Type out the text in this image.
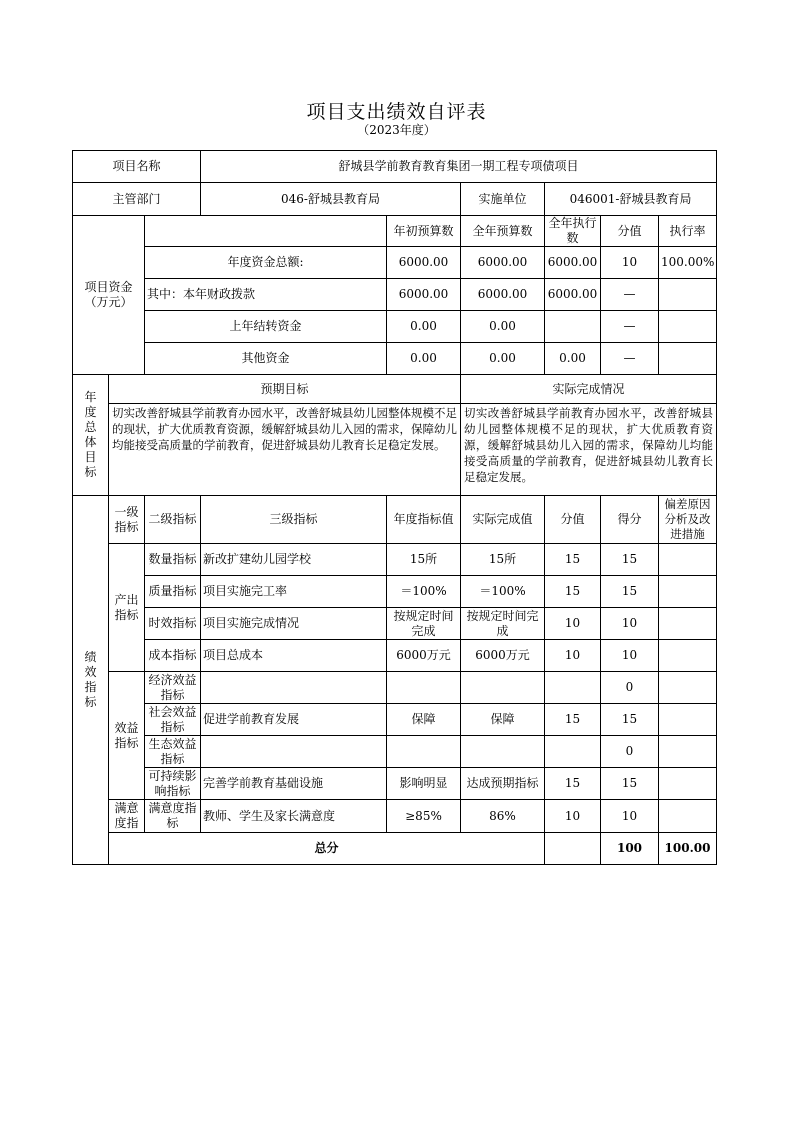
项目支出绩效自评表
（2023年度）
项目名称			舒城县学前教育教育集团一期工程专项债项目						
主管部门			046-舒城县教育局		实施单位	046001-舒城县教育局			
项目资金
（万元）				年初预算数	全年预算数	全年执行数	分值	执行率	
		年度资金总额:		6000.00	6000.00	6000.00	10	100.00%	
		其中：本年财政拨款		6000.00	6000.00	6000.00	—		
		上年结转资金		0.00	0.00		—		
		其他资金		0.00	0.00	0.00	—		
年度总体目标	预期目标				实际完成情况				
	切实改善舒城县学前教育办园水平，改善舒城县幼儿园整体规模不足的现状，扩大优质教育资源，缓解舒城县幼儿入园的需求，保障幼儿均能接受高质量的学前教育，促进舒城县幼儿教育长足稳定发展。				切实改善舒城县学前教育办园水平，改善舒城县幼儿园整体规模不足的现状，扩大优质教育资源，缓解舒城县幼儿入园的需求，保障幼儿均能接受高质量的学前教育，促进舒城县幼儿教育长足稳定发展。				
绩效指标	一级指标	二级指标	三级指标	年度指标值	实际完成值	分值	得分	偏差原因分析及改进措施	
	产出指标	数量指标	新改扩建幼儿园学校	15所	15所	15	15		
		质量指标	项目实施完工率	＝100%	＝100%	15	15		
		时效指标	项目实施完成情况	按规定时间完成	按规定时间完成	10	10		
		成本指标	项目总成本	6000万元	6000万元	10	10		
	效益指标	经济效益指标					0		
		社会效益指标	促进学前教育发展	保障	保障	15	15		
		生态效益指标					0		
		可持续影响指标	完善学前教育基础设施	影响明显	达成预期指标	15	15		
	满意度指	满意度指标	教师、学生及家长满意度	≥85%	86%	10	10		
	总分						100	100.00	
